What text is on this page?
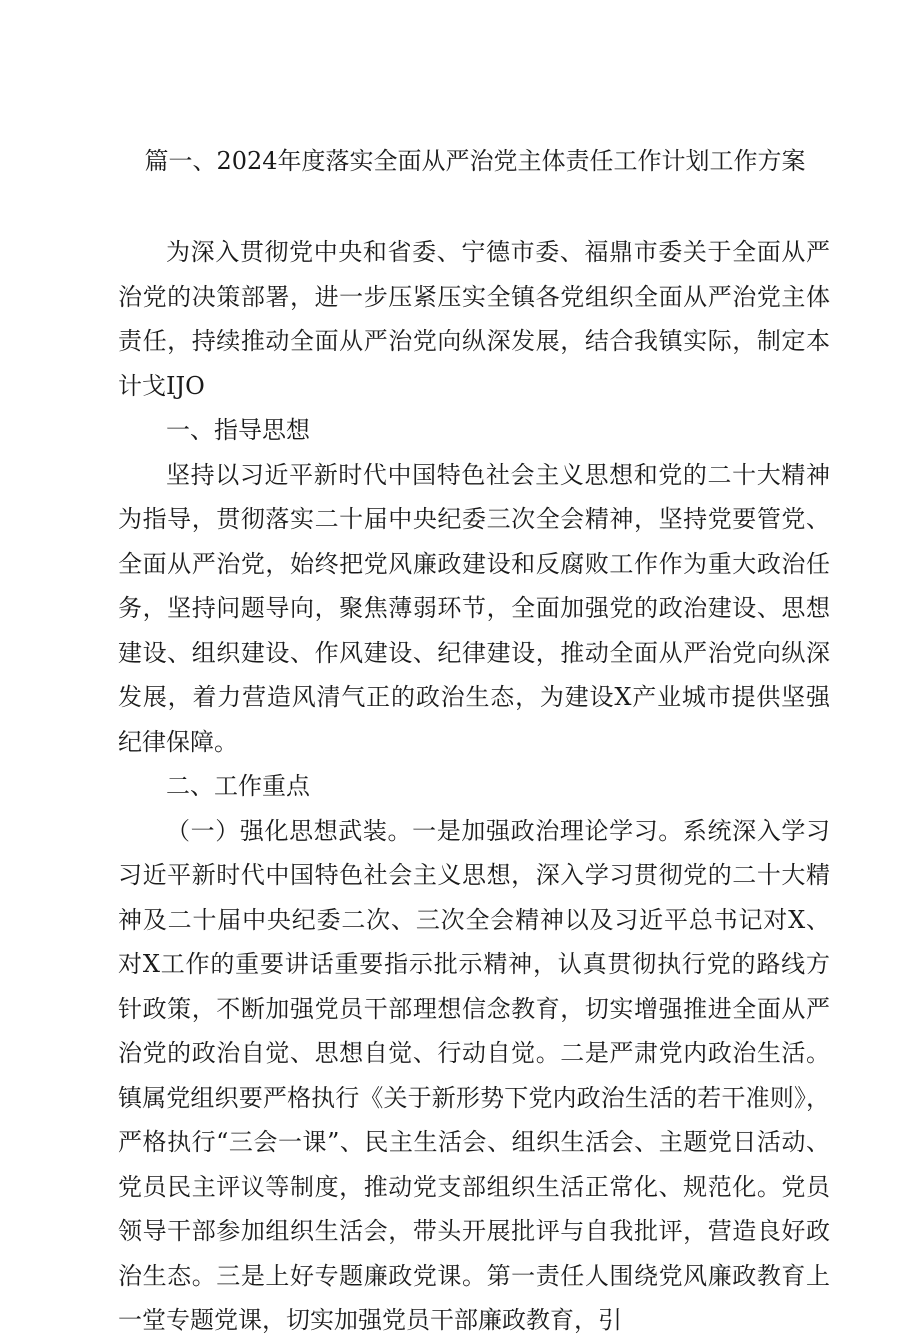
篇一、2024年度落实全面从严治党主体责任工作计划工作方案

为深入贯彻党中央和省委、宁德市委、福鼎市委关于全面从严治党的决策部署，进一步压紧压实全镇各党组织全面从严治党主体责任，持续推动全面从严治党向纵深发展，结合我镇实际，制定本计戈IJO

一、指导思想

坚持以习近平新时代中国特色社会主义思想和党的二十大精神为指导，贯彻落实二十届中央纪委三次全会精神，坚持党要管党、全面从严治党，始终把党风廉政建设和反腐败工作作为重大政治任务，坚持问题导向，聚焦薄弱环节，全面加强党的政治建设、思想建设、组织建设、作风建设、纪律建设，推动全面从严治党向纵深发展，着力营造风清气正的政治生态，为建设X产业城市提供坚强纪律保障。

二、工作重点

（一）强化思想武装。一是加强政治理论学习。系统深入学习习近平新时代中国特色社会主义思想，深入学习贯彻党的二十大精神及二十届中央纪委二次、三次全会精神以及习近平总书记对X、对X工作的重要讲话重要指示批示精神，认真贯彻执行党的路线方针政策，不断加强党员干部理想信念教育，切实增强推进全面从严治党的政治自觉、思想自觉、行动自觉。二是严肃党内政治生活。镇属党组织要严格执行《关于新形势下党内政治生活的若干准则》，严格执行“三会一课”、民主生活会、组织生活会、主题党日活动、党员民主评议等制度，推动党支部组织生活正常化、规范化。党员领导干部参加组织生活会，带头开展批评与自我批评，营造良好政治生态。三是上好专题廉政党课。第一责任人围绕党风廉政教育上一堂专题党课，切实加强党员干部廉政教育，引
